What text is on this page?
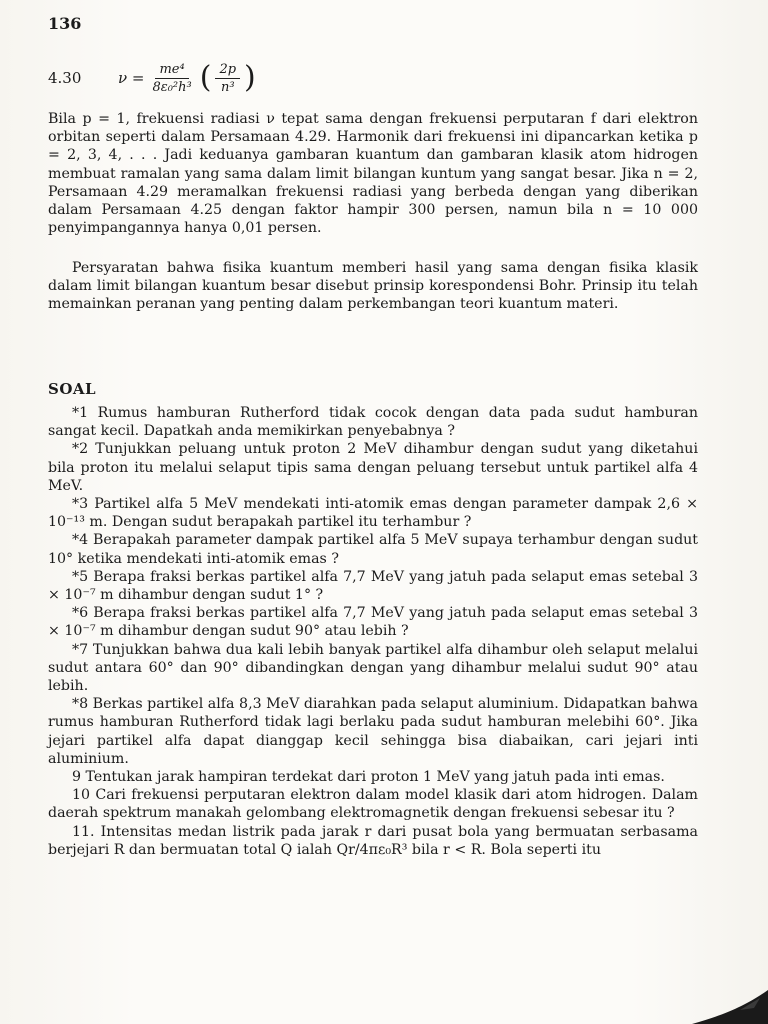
136
4.30	$\nu = \frac{\text{me⁴}}{\text{8ε₀²h³}}$ ( $\frac{2p}{\text{n³}}$ )

Bila p = 1, frekuensi radiasi ν tepat sama dengan frekuensi perputaran f dari elektron orbitan seperti dalam Persamaan 4.29. Harmonik dari frekuensi ini dipancarkan ketika p = 2, 3, 4, . . . Jadi keduanya gambaran kuantum dan gambaran klasik atom hidrogen membuat ramalan yang sama dalam limit bilangan kuntum yang sangat besar. Jika n = 2, Persamaan 4.29 meramalkan frekuensi radiasi yang berbeda dengan yang diberikan dalam Persamaan 4.25 dengan faktor hampir 300 persen, namun bila n = 10 000 penyimpangannya hanya 0,01 persen.

Persyaratan bahwa fisika kuantum memberi hasil yang sama dengan fisika klasik dalam limit bilangan kuantum besar disebut prinsip korespondensi Bohr. Prinsip itu telah memainkan peranan yang penting dalam perkembangan teori kuantum materi.

SOAL

*1 Rumus hamburan Rutherford tidak cocok dengan data pada sudut hamburan sangat kecil. Dapatkah anda memikirkan penyebabnya ?

*2 Tunjukkan peluang untuk proton 2 MeV dihambur dengan sudut yang diketahui bila proton itu melalui selaput tipis sama dengan peluang tersebut untuk partikel alfa 4 MeV.

*3 Partikel alfa 5 MeV mendekati inti-atomik emas dengan parameter dampak 2,6 × 10⁻¹³ m. Dengan sudut berapakah partikel itu terhambur ?

*4 Berapakah parameter dampak partikel alfa 5 MeV supaya terhambur dengan sudut 10° ketika mendekati inti-atomik emas ?

*5 Berapa fraksi berkas partikel alfa 7,7 MeV yang jatuh pada selaput emas setebal 3 × 10⁻⁷ m dihambur dengan sudut 1° ?

*6 Berapa fraksi berkas partikel alfa 7,7 MeV yang jatuh pada selaput emas setebal 3 × 10⁻⁷ m dihambur dengan sudut 90° atau lebih ?

*7 Tunjukkan bahwa dua kali lebih banyak partikel alfa dihambur oleh selaput melalui sudut antara 60° dan 90° dibandingkan dengan yang dihambur melalui sudut 90° atau lebih.

*8 Berkas partikel alfa 8,3 MeV diarahkan pada selaput aluminium. Didapatkan bahwa rumus hamburan Rutherford tidak lagi berlaku pada sudut hamburan melebihi 60°. Jika jejari partikel alfa dapat dianggap kecil sehingga bisa diabaikan, cari jejari inti aluminium.

9 Tentukan jarak hampiran terdekat dari proton 1 MeV yang jatuh pada inti emas.

10 Cari frekuensi perputaran elektron dalam model klasik dari atom hidrogen. Dalam daerah spektrum manakah gelombang elektromagnetik dengan frekuensi sebesar itu ?

11. Intensitas medan listrik pada jarak r dari pusat bola yang bermuatan serbasama berjejari R dan bermuatan total Q ialah Qr/4πε₀R³ bila r < R. Bola seperti itu
